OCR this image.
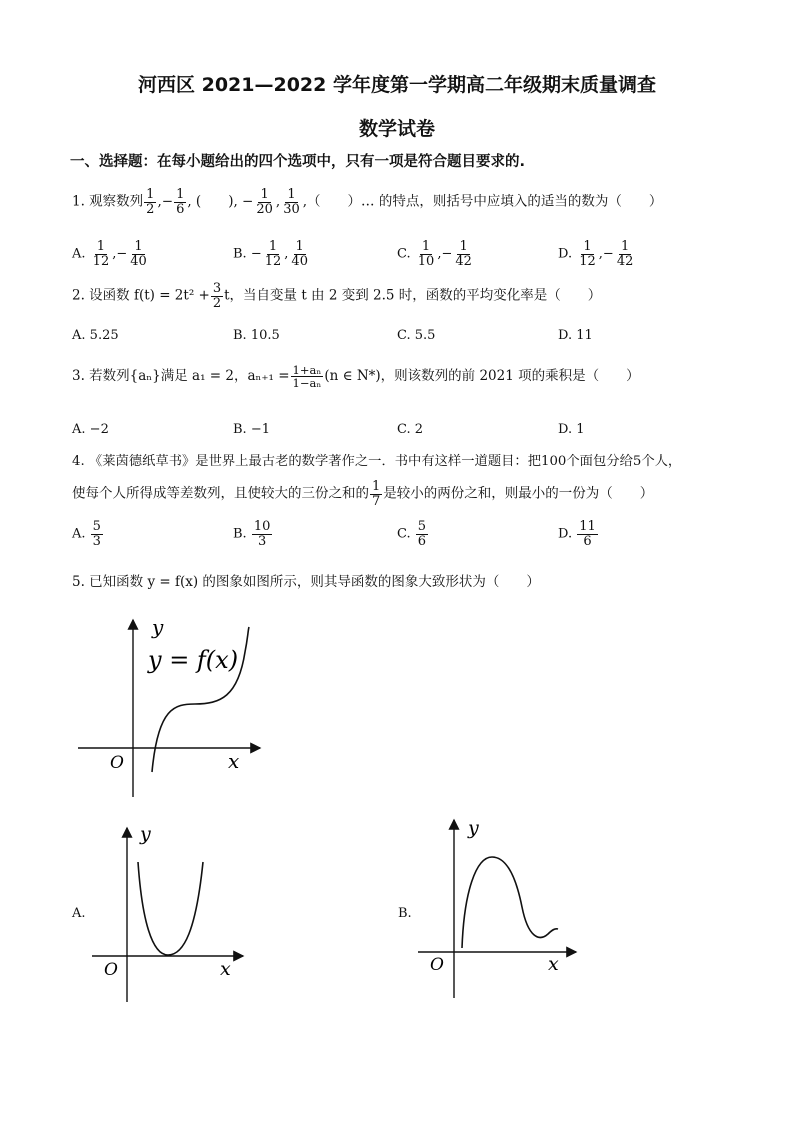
河西区 2021—2022 学年度第一学期高二年级期末质量调查
数学试卷
一、选择题：在每小题给出的四个选项中，只有一项是符合题目要求的.
1. 观察数列 $\frac{1}{2}$ ,− $\frac{1}{6}$ , (　　), − $\frac{1}{20}$ , $\frac{1}{30}$ ,（　　）… 的特点，则括号中应填入的适当的数为（　　）
A. $\frac{1}{12}$ ,− $\frac{1}{40}$	B. − $\frac{1}{12}$ , $\frac{1}{40}$	C. $\frac{1}{10}$ ,− $\frac{1}{42}$	D. $\frac{1}{12}$ ,− $\frac{1}{42}$
2. 设函数 $f(t) = 2t^2 + \frac{3}{2}$ t，当自变量 t 由 2 变到 2.5 时，函数的平均变化率是（　　）
A. 5.25	B. 10.5	C. 5.5	D. 11
3. 若数列{aₙ}满足 a₁ = 2，$a_{n+1} = \frac{\text{1+aₙ}}{\text{1−aₙ}} (n$ ∈ N*)，则该数列的前 2021 项的乘积是（　　）
A. −2	B. −1	C. 2	D. 1
4. 《莱茵德纸草书》是世界上最古老的数学著作之一．书中有这样一道题目：把100个面包分给5个人，
使每个人所得成等差数列，且使较大的三份之和的 $\frac{1}{7}$ 是较小的两份之和，则最小的一份为（　　）
A. $\frac{5}{3}$	B. $\frac{10}{3}$	C. $\frac{5}{6}$	D. $\frac{11}{6}$
5. 已知函数 y = f(x) 的图象如图所示，则其导函数的图象大致形状为（　　）
y
y = f(x)
O	x
A.
y
O	x
B.
y
O	x
